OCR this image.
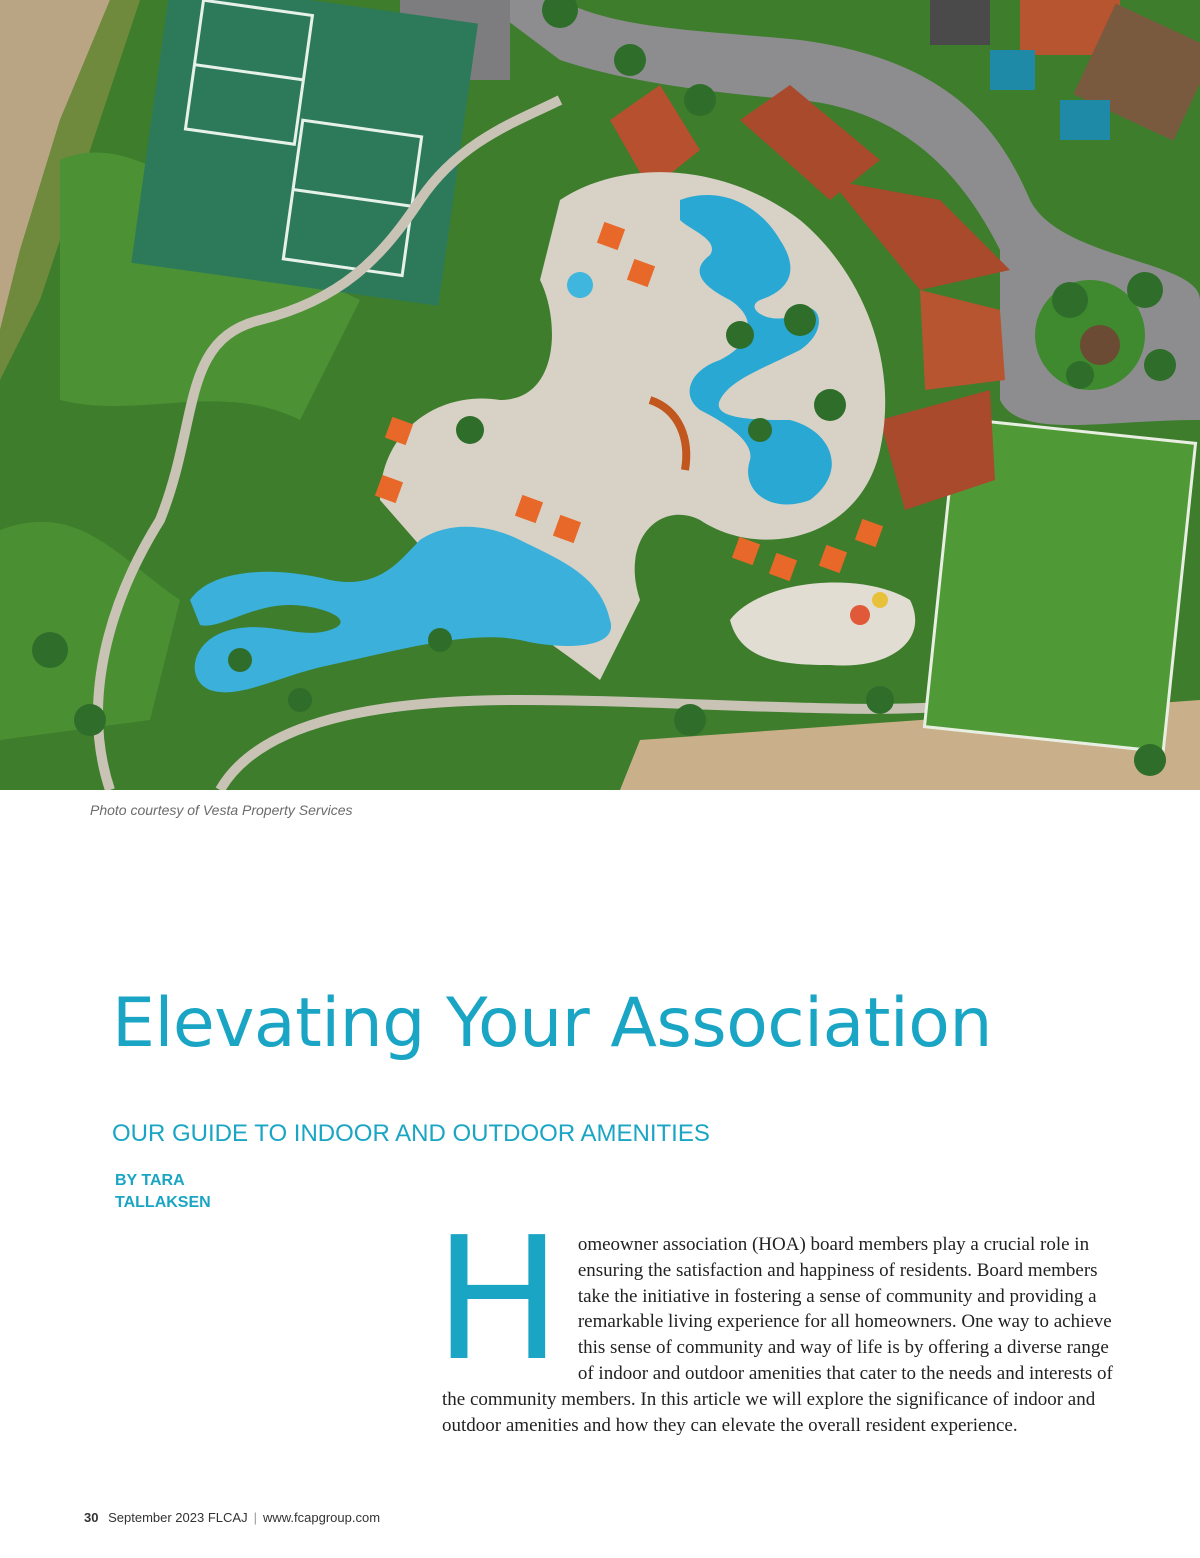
Photo courtesy of Vesta Property Services
Elevating Your Association
OUR GUIDE TO INDOOR AND OUTDOOR AMENITIES
BY TARA
TALLAKSEN	Homeowner association (HOA) board members play a crucial role in ensuring the satisfaction and happiness of residents. Board members take the initiative in fostering a sense of community and providing a remarkable living experience for all homeowners. One way to achieve this sense of community and way of life is by offering a diverse range of indoor and outdoor amenities that cater to the needs and interests of the community members. In this article we will explore the significance of indoor and outdoor amenities and how they can elevate the overall resident experience.

30 September 2023 FLCAJ | www.fcapgroup.com
